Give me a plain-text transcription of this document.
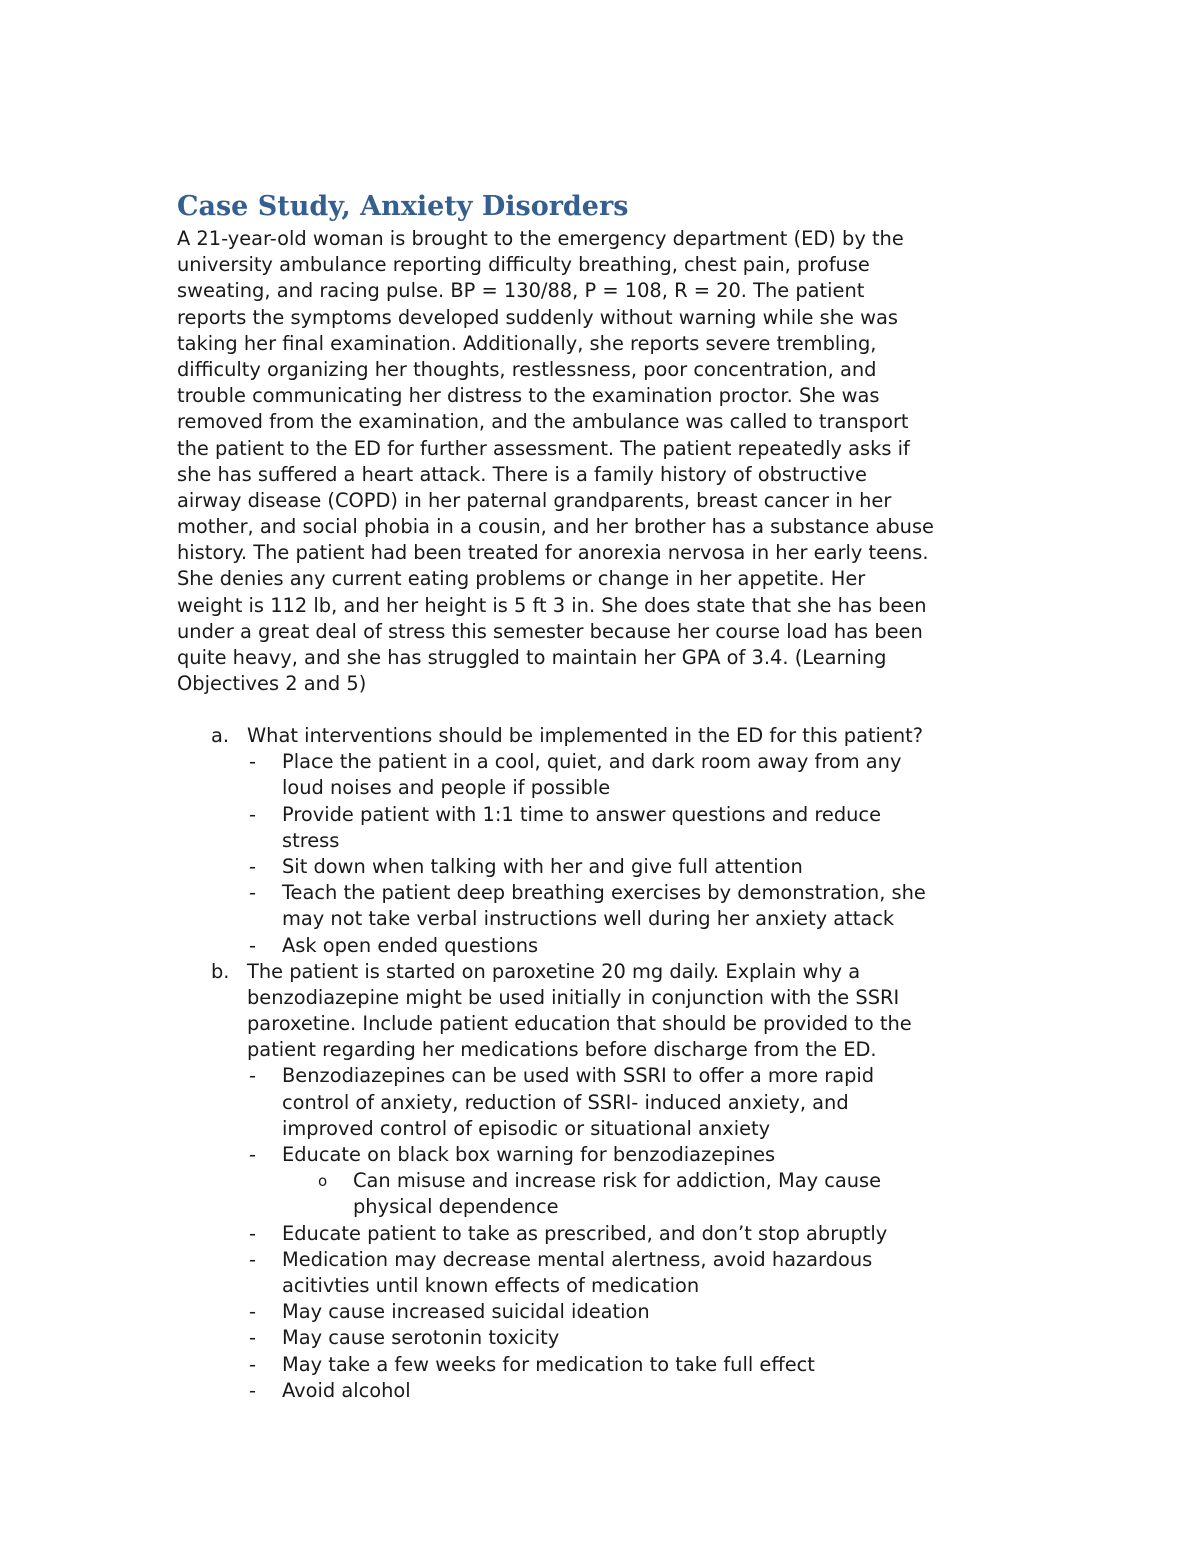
Case Study, Anxiety Disorders
A 21-year-old woman is brought to the emergency department (ED) by the
university ambulance reporting difficulty breathing, chest pain, profuse
sweating, and racing pulse. BP = 130/88, P = 108, R = 20. The patient
reports the symptoms developed suddenly without warning while she was
taking her final examination. Additionally, she reports severe trembling,
difficulty organizing her thoughts, restlessness, poor concentration, and
trouble communicating her distress to the examination proctor. She was
removed from the examination, and the ambulance was called to transport
the patient to the ED for further assessment. The patient repeatedly asks if
she has suffered a heart attack. There is a family history of obstructive
airway disease (COPD) in her paternal grandparents, breast cancer in her
mother, and social phobia in a cousin, and her brother has a substance abuse
history. The patient had been treated for anorexia nervosa in her early teens.
She denies any current eating problems or change in her appetite. Her
weight is 112 lb, and her height is 5 ft 3 in. She does state that she has been
under a great deal of stress this semester because her course load has been
quite heavy, and she has struggled to maintain her GPA of 3.4. (Learning
Objectives 2 and 5)
a. What interventions should be implemented in the ED for this patient?
- Place the patient in a cool, quiet, and dark room away from any
loud noises and people if possible
- Provide patient with 1:1 time to answer questions and reduce
stress
- Sit down when talking with her and give full attention
- Teach the patient deep breathing exercises by demonstration, she
may not take verbal instructions well during her anxiety attack
- Ask open ended questions
b. The patient is started on paroxetine 20 mg daily. Explain why a
benzodiazepine might be used initially in conjunction with the SSRI
paroxetine. Include patient education that should be provided to the
patient regarding her medications before discharge from the ED.
- Benzodiazepines can be used with SSRI to offer a more rapid
control of anxiety, reduction of SSRI- induced anxiety, and
improved control of episodic or situational anxiety
- Educate on black box warning for benzodiazepines
o Can misuse and increase risk for addiction, May cause
physical dependence
- Educate patient to take as prescribed, and don’t stop abruptly
- Medication may decrease mental alertness, avoid hazardous
acitivties until known effects of medication
- May cause increased suicidal ideation
- May cause serotonin toxicity
- May take a few weeks for medication to take full effect
- Avoid alcohol
